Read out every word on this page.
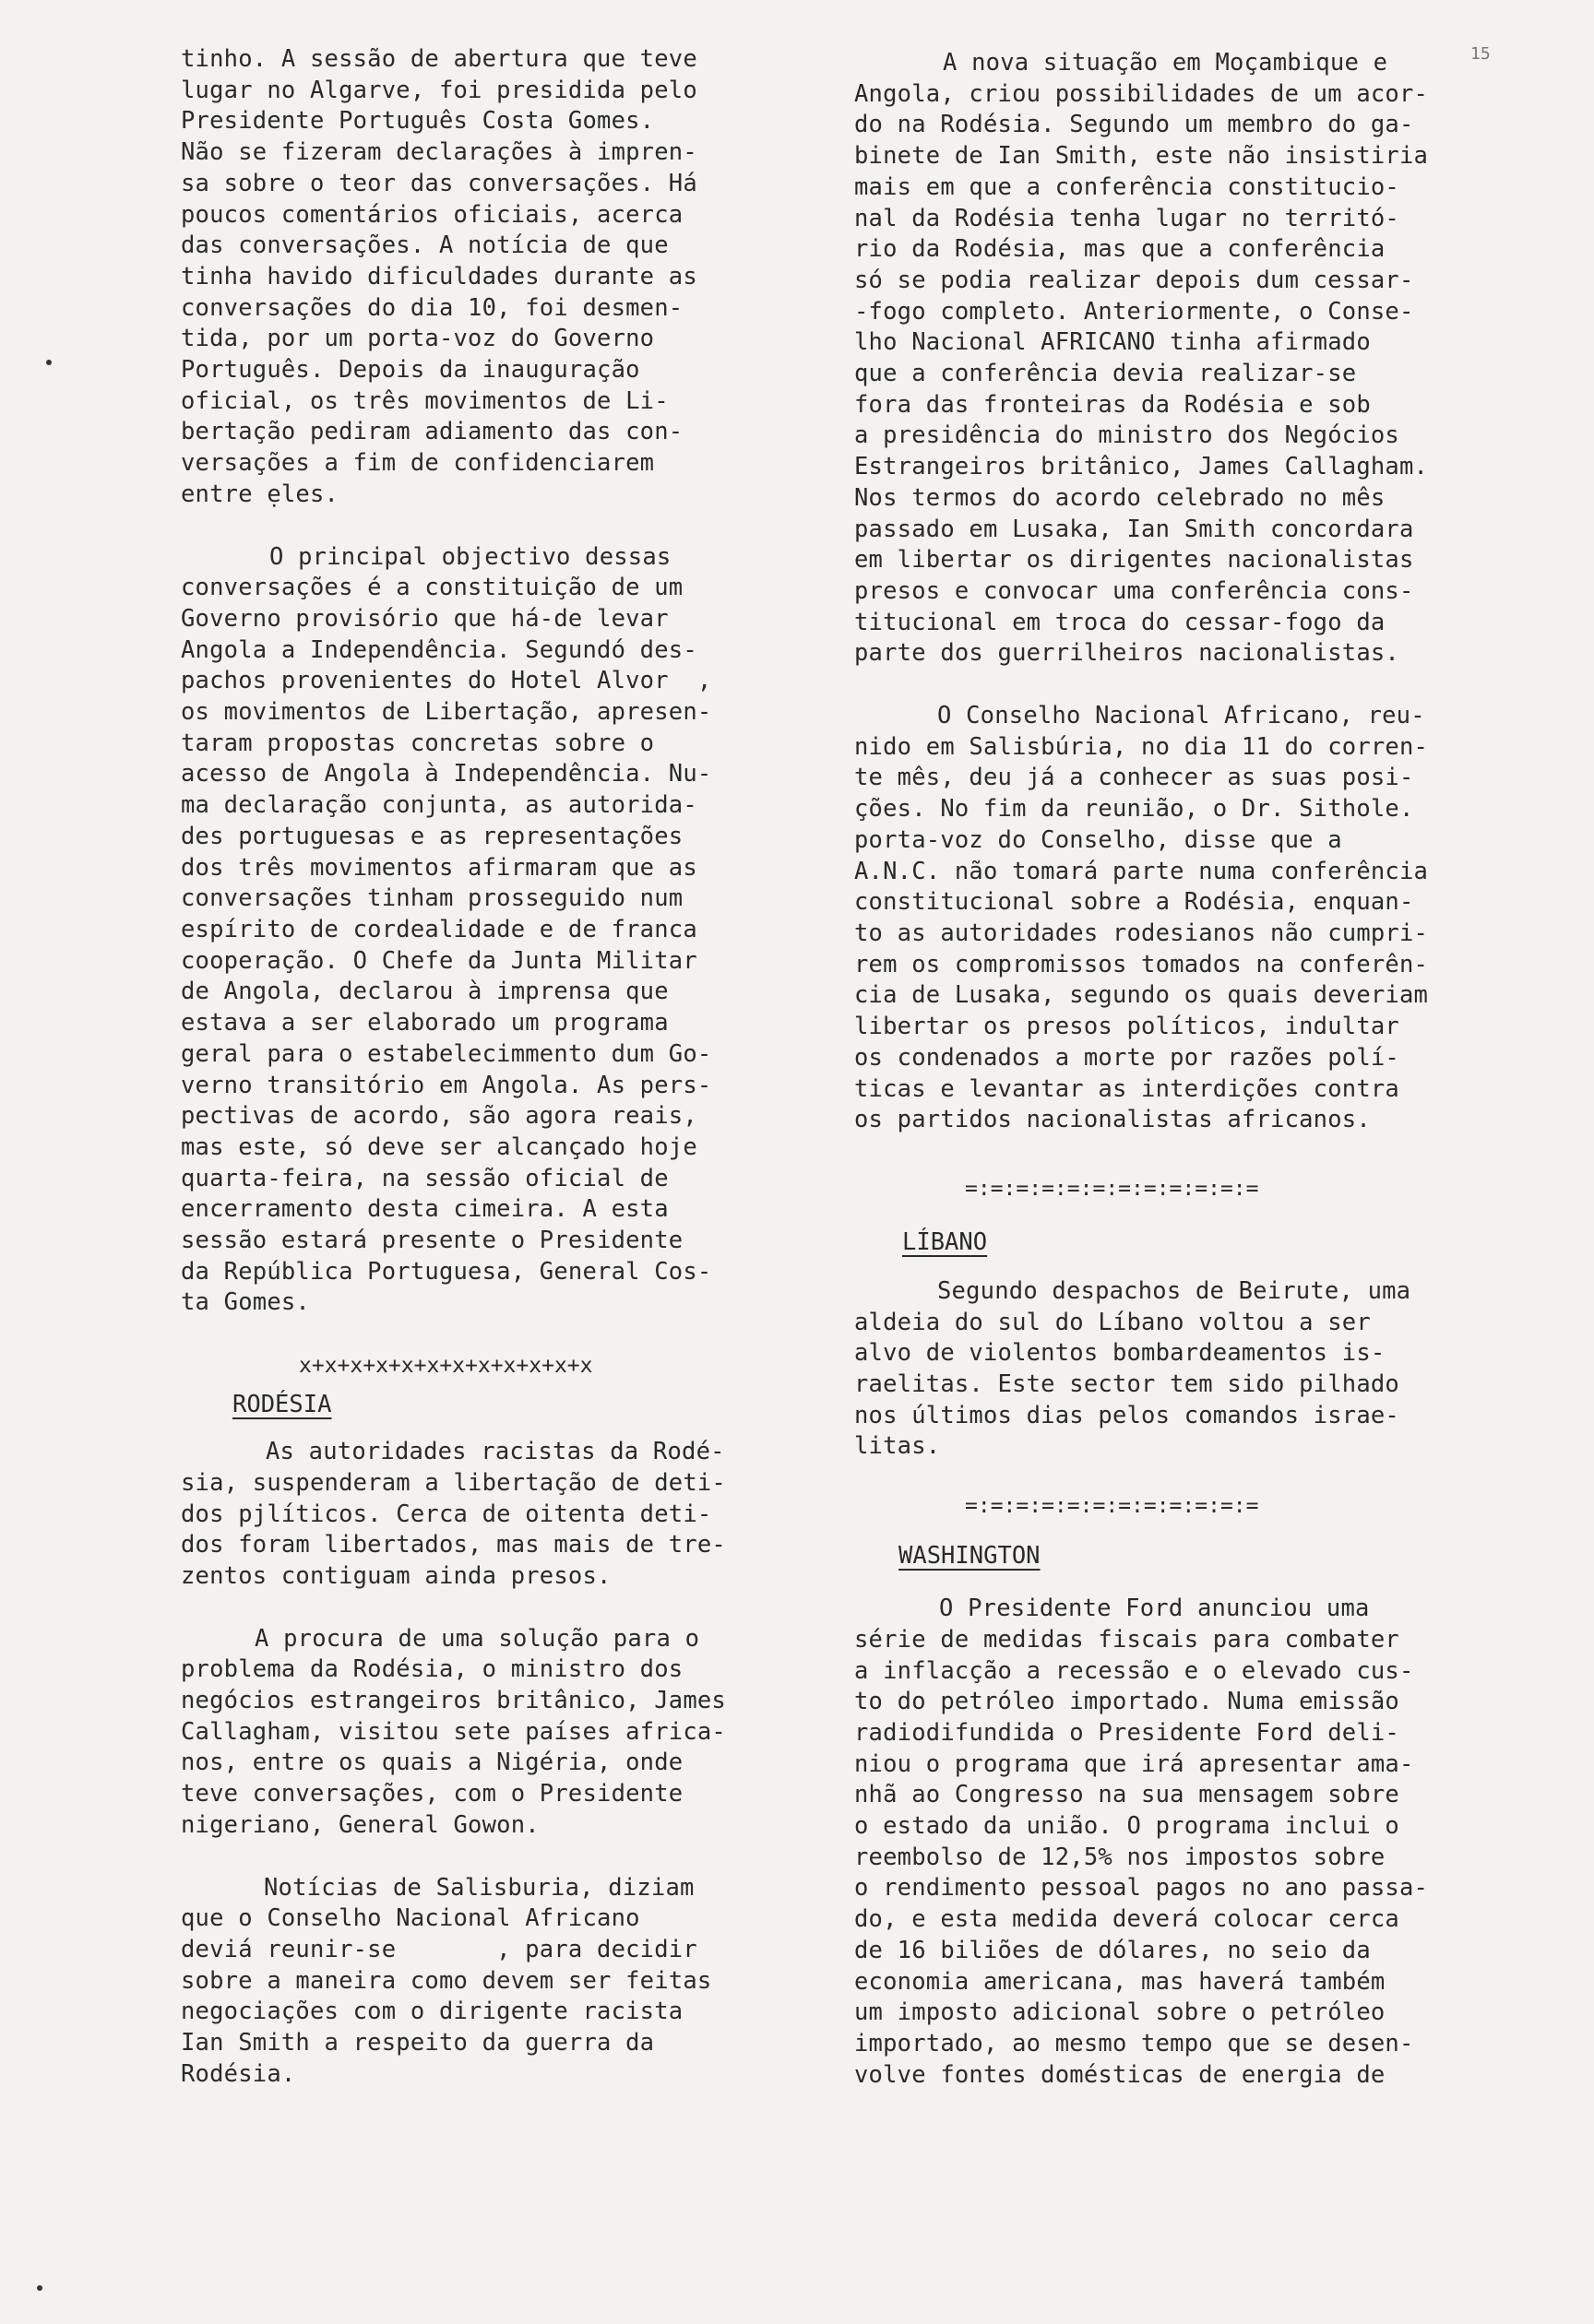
15

tinho. A sessão de abertura que teve

lugar no Algarve, foi presidida pelo

Presidente Português Costa Gomes.

Não se fizeram declarações à impren-

sa sobre o teor das conversações. Há

poucos comentários oficiais, acerca

das conversações. A notícia de que

tinha havido dificuldades durante as

conversações do dia 10, foi desmen-

tida, por um porta-voz do Governo

Português. Depois da inauguração

oficial, os três movimentos de Li-

bertação pediram adiamento das con-

versações a fim de confidenciarem

entre ẹles.

O principal objectivo dessas

conversações é a constituição de um

Governo provisório que há-de levar

Angola a Independência. Segundó des-

pachos provenientes do Hotel Alvor  ,

os movimentos de Libertação, apresen-

taram propostas concretas sobre o

acesso de Angola à Independência. Nu-

ma declaração conjunta, as autorida-

des portuguesas e as representações

dos três movimentos afirmaram que as

conversações tinham prosseguido num

espírito de cordealidade e de franca

cooperação. O Chefe da Junta Militar

de Angola, declarou à imprensa que

estava a ser elaborado um programa

geral para o estabelecimmento dum Go-

verno transitório em Angola. As pers-

pectivas de acordo, são agora reais,

mas este, só deve ser alcançado hoje

quarta-feira, na sessão oficial de

encerramento desta cimeira. A esta

sessão estará presente o Presidente

da República Portuguesa, General Cos-

ta Gomes.

x+x+x+x+x+x+x+x+x+x+x+x
RODÉSIA

As autoridades racistas da Rodé-

sia, suspenderam a libertação de deti-

dos pjlíticos. Cerca de oitenta deti-

dos foram libertados, mas mais de tre-

zentos contiguam ainda presos.

A procura de uma solução para o

problema da Rodésia, o ministro dos

negócios estrangeiros britânico, James

Callagham, visitou sete países africa-

nos, entre os quais a Nigéria, onde

teve conversações, com o Presidente

nigeriano, General Gowon.

Notícias de Salisburia, diziam

que o Conselho Nacional Africano

deviá reunir-se       , para decidir

sobre a maneira como devem ser feitas

negociações com o dirigente racista

Ian Smith a respeito da guerra da

Rodésia.

A nova situação em Moçambique e

Angola, criou possibilidades de um acor-

do na Rodésia. Segundo um membro do ga-

binete de Ian Smith, este não insistiria

mais em que a conferência constitucio-

nal da Rodésia tenha lugar no territó-

rio da Rodésia, mas que a conferência

só se podia realizar depois dum cessar-

-fogo completo. Anteriormente, o Conse-

lho Nacional AFRICANO tinha afirmado

que a conferência devia realizar-se

fora das fronteiras da Rodésia e sob

a presidência do ministro dos Negócios

Estrangeiros britânico, James Callagham.

Nos termos do acordo celebrado no mês

passado em Lusaka, Ian Smith concordara

em libertar os dirigentes nacionalistas

presos e convocar uma conferência cons-

titucional em troca do cessar-fogo da

parte dos guerrilheiros nacionalistas.

O Conselho Nacional Africano, reu-

nido em Salisbúria, no dia 11 do corren-

te mês, deu já a conhecer as suas posi-

ções. No fim da reunião, o Dr. Sithole.

porta-voz do Conselho, disse que a

A.N.C. não tomará parte numa conferência

constitucional sobre a Rodésia, enquan-

to as autoridades rodesianos não cumpri-

rem os compromissos tomados na conferên-

cia de Lusaka, segundo os quais deveriam

libertar os presos políticos, indultar

os condenados a morte por razões polí-

ticas e levantar as interdições contra

os partidos nacionalistas africanos.

=:=:=:=:=:=:=:=:=:=:=:=
LÍBANO

Segundo despachos de Beirute, uma

aldeia do sul do Líbano voltou a ser

alvo de violentos bombardeamentos is-

raelitas. Este sector tem sido pilhado

nos últimos dias pelos comandos israe-

litas.

=:=:=:=:=:=:=:=:=:=:=:=
WASHINGTON

O Presidente Ford anunciou uma

série de medidas fiscais para combater

a inflacção a recessão e o elevado cus-

to do petróleo importado. Numa emissão

radiodifundida o Presidente Ford deli-

niou o programa que irá apresentar ama-

nhã ao Congresso na sua mensagem sobre

o estado da união. O programa inclui o

reembolso de 12,5% nos impostos sobre

o rendimento pessoal pagos no ano passa-

do, e esta medida deverá colocar cerca

de 16 biliões de dólares, no seio da

economia americana, mas haverá também

um imposto adicional sobre o petróleo

importado, ao mesmo tempo que se desen-

volve fontes domésticas de energia de
